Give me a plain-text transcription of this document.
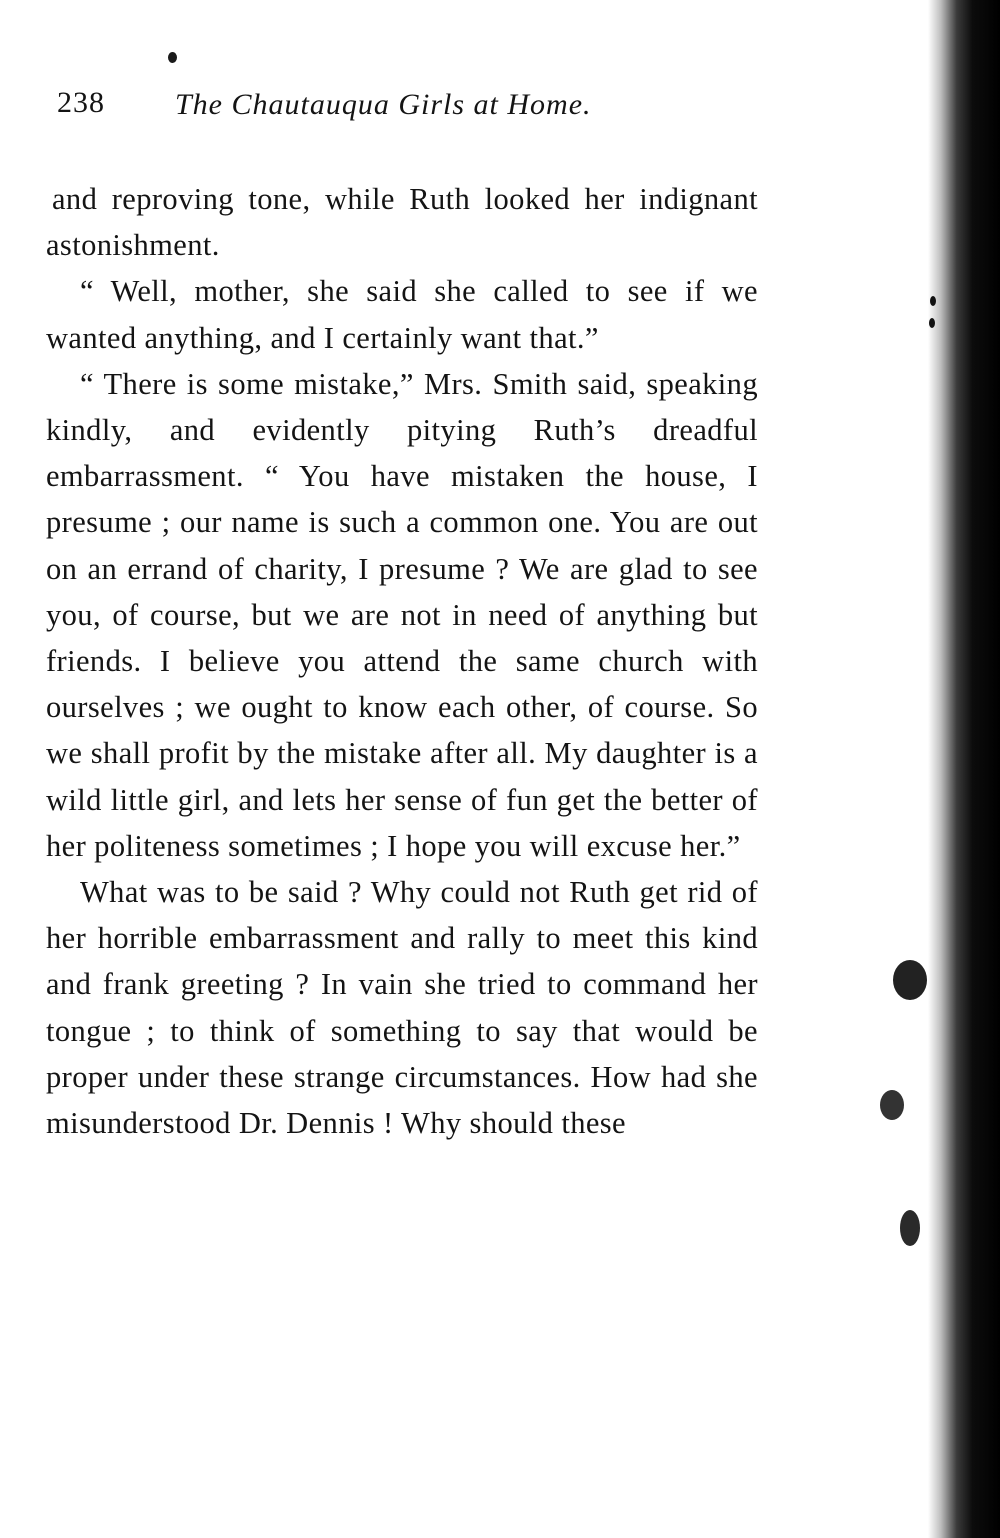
238 The Chautauqua Girls at Home.

and reproving tone, while Ruth looked her indignant astonishment.

“ Well, mother, she said she called to see if we wanted anything, and I certainly want that.”

“ There is some mistake,” Mrs. Smith said, speaking kindly, and evidently pitying Ruth’s dreadful embarrassment. “ You have mistaken the house, I presume ; our name is such a common one. You are out on an errand of charity, I presume ? We are glad to see you, of course, but we are not in need of anything but friends. I believe you attend the same church with ourselves ; we ought to know each other, of course. So we shall profit by the mistake after all. My daughter is a wild little girl, and lets her sense of fun get the better of her politeness sometimes ; I hope you will excuse her.”

What was to be said ? Why could not Ruth get rid of her horrible embarrassment and rally to meet this kind and frank greeting ? In vain she tried to command her tongue ; to think of something to say that would be proper under these strange circumstances. How had she misunderstood Dr. Dennis ! Why should these
